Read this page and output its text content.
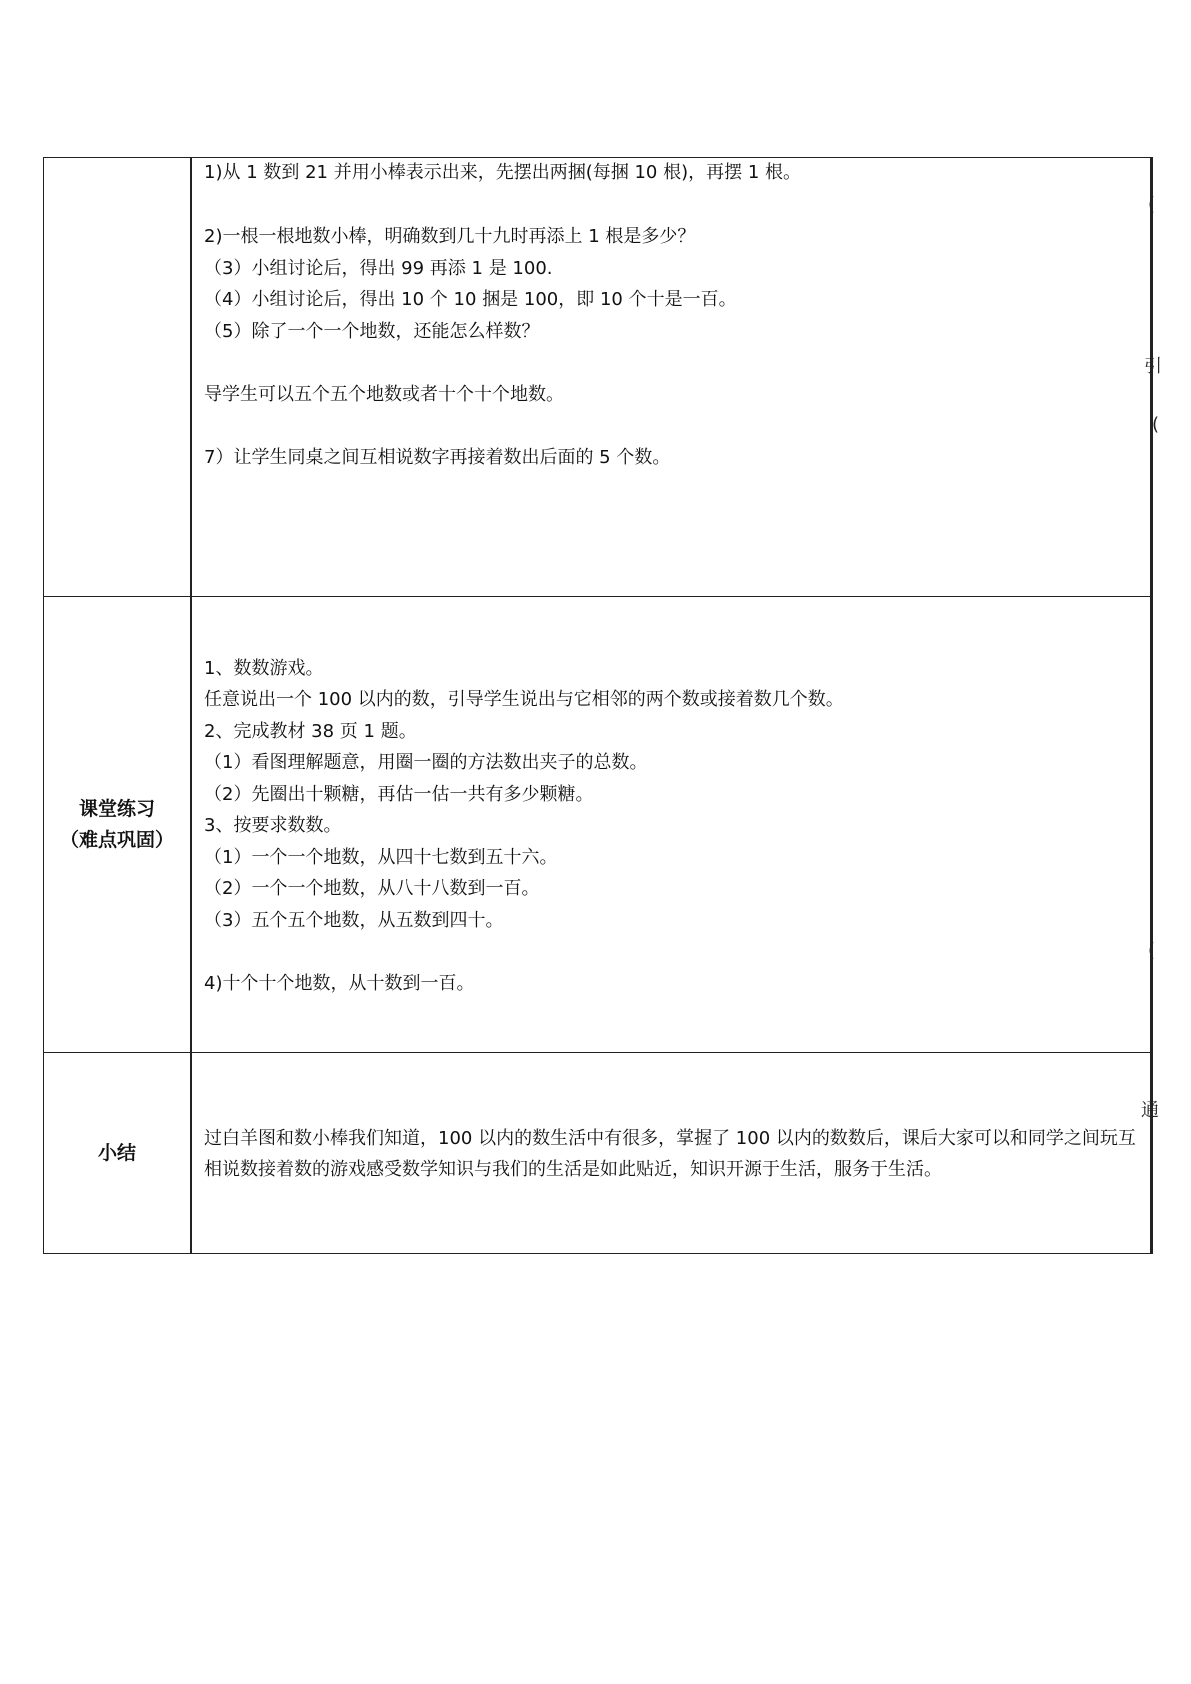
1)从 1 数到 21 并用小棒表示出来，先摆出两捆(每捆 10 根)，再摆 1 根。
2)一根一根地数小棒，明确数到几十九时再添上 1 根是多少？
（3）小组讨论后，得出 99 再添 1 是 100.
（4）小组讨论后，得出 10 个 10 捆是 100，即 10 个十是一百。
（5）除了一个一个地数，还能怎么样数？
导学生可以五个五个地数或者十个十个地数。
7）让学生同桌之间互相说数字再接着数出后面的 5 个数。
课堂练习
（难点巩固）
1、数数游戏。
任意说出一个 100 以内的数，引导学生说出与它相邻的两个数或接着数几个数。
2、完成教材 38 页 1 题。
（1）看图理解题意，用圈一圈的方法数出夹子的总数。
（2）先圈出十颗糖，再估一估一共有多少颗糖。
3、按要求数数。
（1）一个一个地数，从四十七数到五十六。
（2）一个一个地数，从八十八数到一百。
（3）五个五个地数，从五数到四十。
4)十个十个地数，从十数到一百。
小结
过白羊图和数小棒我们知道，100 以内的数生活中有很多，掌握了 100 以内的数数后，课后大家可以和同学之间玩互相说数接着数的游戏感受数学知识与我们的生活是如此贴近，知识开源于生活，服务于生活。
(
引
(
(
通
